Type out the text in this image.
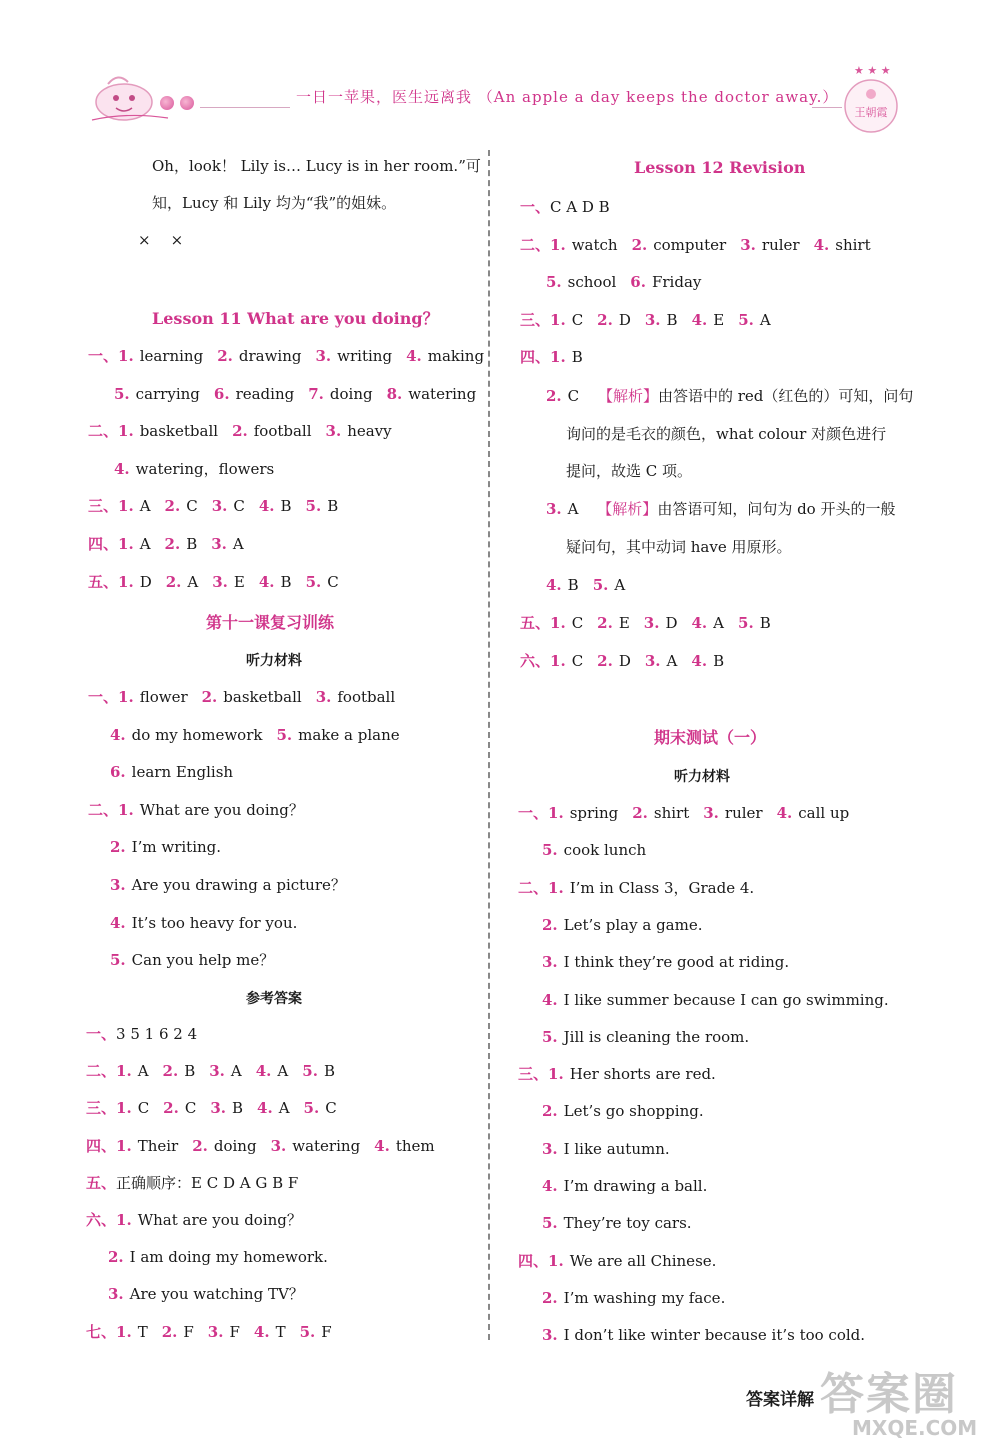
一日一苹果，医生远离我 （An apple a day keeps the doctor away.）
★ ★ ★
王朝霞
Oh，look！ Lily is… Lucy is in her room.”可
知，Lucy 和 Lily 均为“我”的姐妹。
× ×
Lesson 11 What are you doing？
一、1. learning 2. drawing 3. writing 4. making
5. carrying 6. reading 7. doing 8. watering
二、1. basketball 2. football 3. heavy
4. watering，flowers
三、1. A 2. C 3. C 4. B 5. B
四、1. A 2. B 3. A
五、1. D 2. A 3. E 4. B 5. C
第十一课复习训练
听力材料
一、1. flower 2. basketball 3. football
4. do my homework 5. make a plane
6. learn English
二、1. What are you doing？
2. I’m writing.
3. Are you drawing a picture？
4. It’s too heavy for you.
5. Can you help me？
参考答案
一、3 5 1 6 2 4
二、1. A 2. B 3. A 4. A 5. B
三、1. C 2. C 3. B 4. A 5. C
四、1. Their 2. doing 3. watering 4. them
五、正确顺序：E C D A G B F
六、1. What are you doing？
2. I am doing my homework.
3. Are you watching TV？
七、1. T 2. F 3. F 4. T 5. F
Lesson 12 Revision
一、C A D B
二、1. watch 2. computer 3. ruler 4. shirt
5. school 6. Friday
三、1. C 2. D 3. B 4. E 5. A
四、1. B
2. C 【解析】由答语中的 red（红色的）可知，问句
询问的是毛衣的颜色，what colour 对颜色进行
提问，故选 C 项。
3. A 【解析】由答语可知，问句为 do 开头的一般
疑问句，其中动词 have 用原形。
4. B 5. A
五、1. C 2. E 3. D 4. A 5. B
六、1. C 2. D 3. A 4. B
期末测试（一）
听力材料
一、1. spring 2. shirt 3. ruler 4. call up
5. cook lunch
二、1. I’m in Class 3，Grade 4.
2. Let’s play a game.
3. I think they’re good at riding.
4. I like summer because I can go swimming.
5. Jill is cleaning the room.
三、1. Her shorts are red.
2. Let’s go shopping.
3. I like autumn.
4. I’m drawing a ball.
5. They’re toy cars.
四、1. We are all Chinese.
2. I’m washing my face.
3. I don’t like winter because it’s too cold.
答案详解 答案圈
MXQE.COM
